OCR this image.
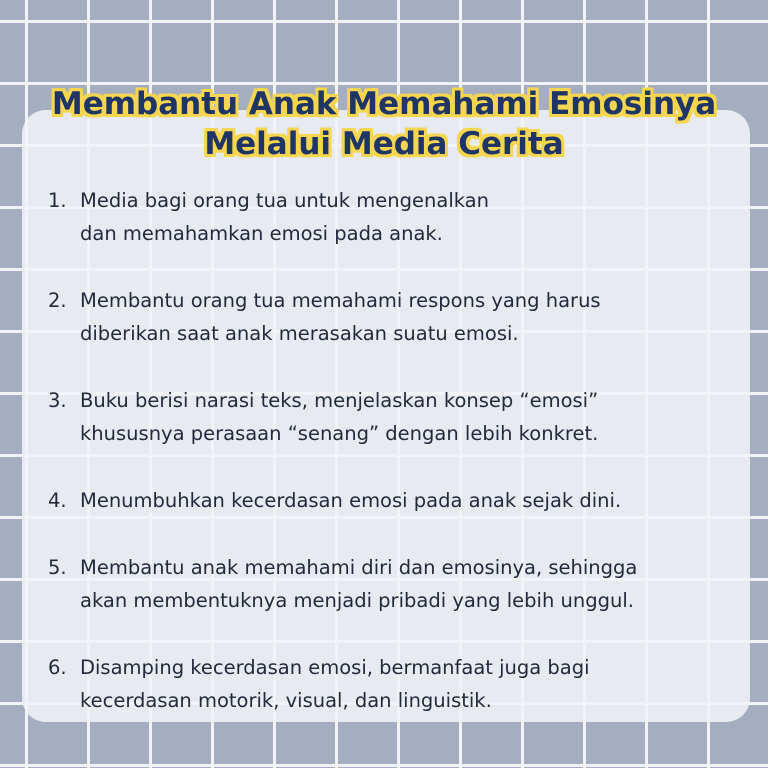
Membantu Anak Memahami Emosinya
Melalui Media Cerita
1. Media bagi orang tua untuk mengenalkan
dan memahamkan emosi pada anak.
2. Membantu orang tua memahami respons yang harus
diberikan saat anak merasakan suatu emosi.
3. Buku berisi narasi teks, menjelaskan konsep “emosi”
khususnya perasaan “senang” dengan lebih konkret.
4. Menumbuhkan kecerdasan emosi pada anak sejak dini.
5. Membantu anak memahami diri dan emosinya, sehingga
akan membentuknya menjadi pribadi yang lebih unggul.
6. Disamping kecerdasan emosi, bermanfaat juga bagi
kecerdasan motorik, visual, dan linguistik.
